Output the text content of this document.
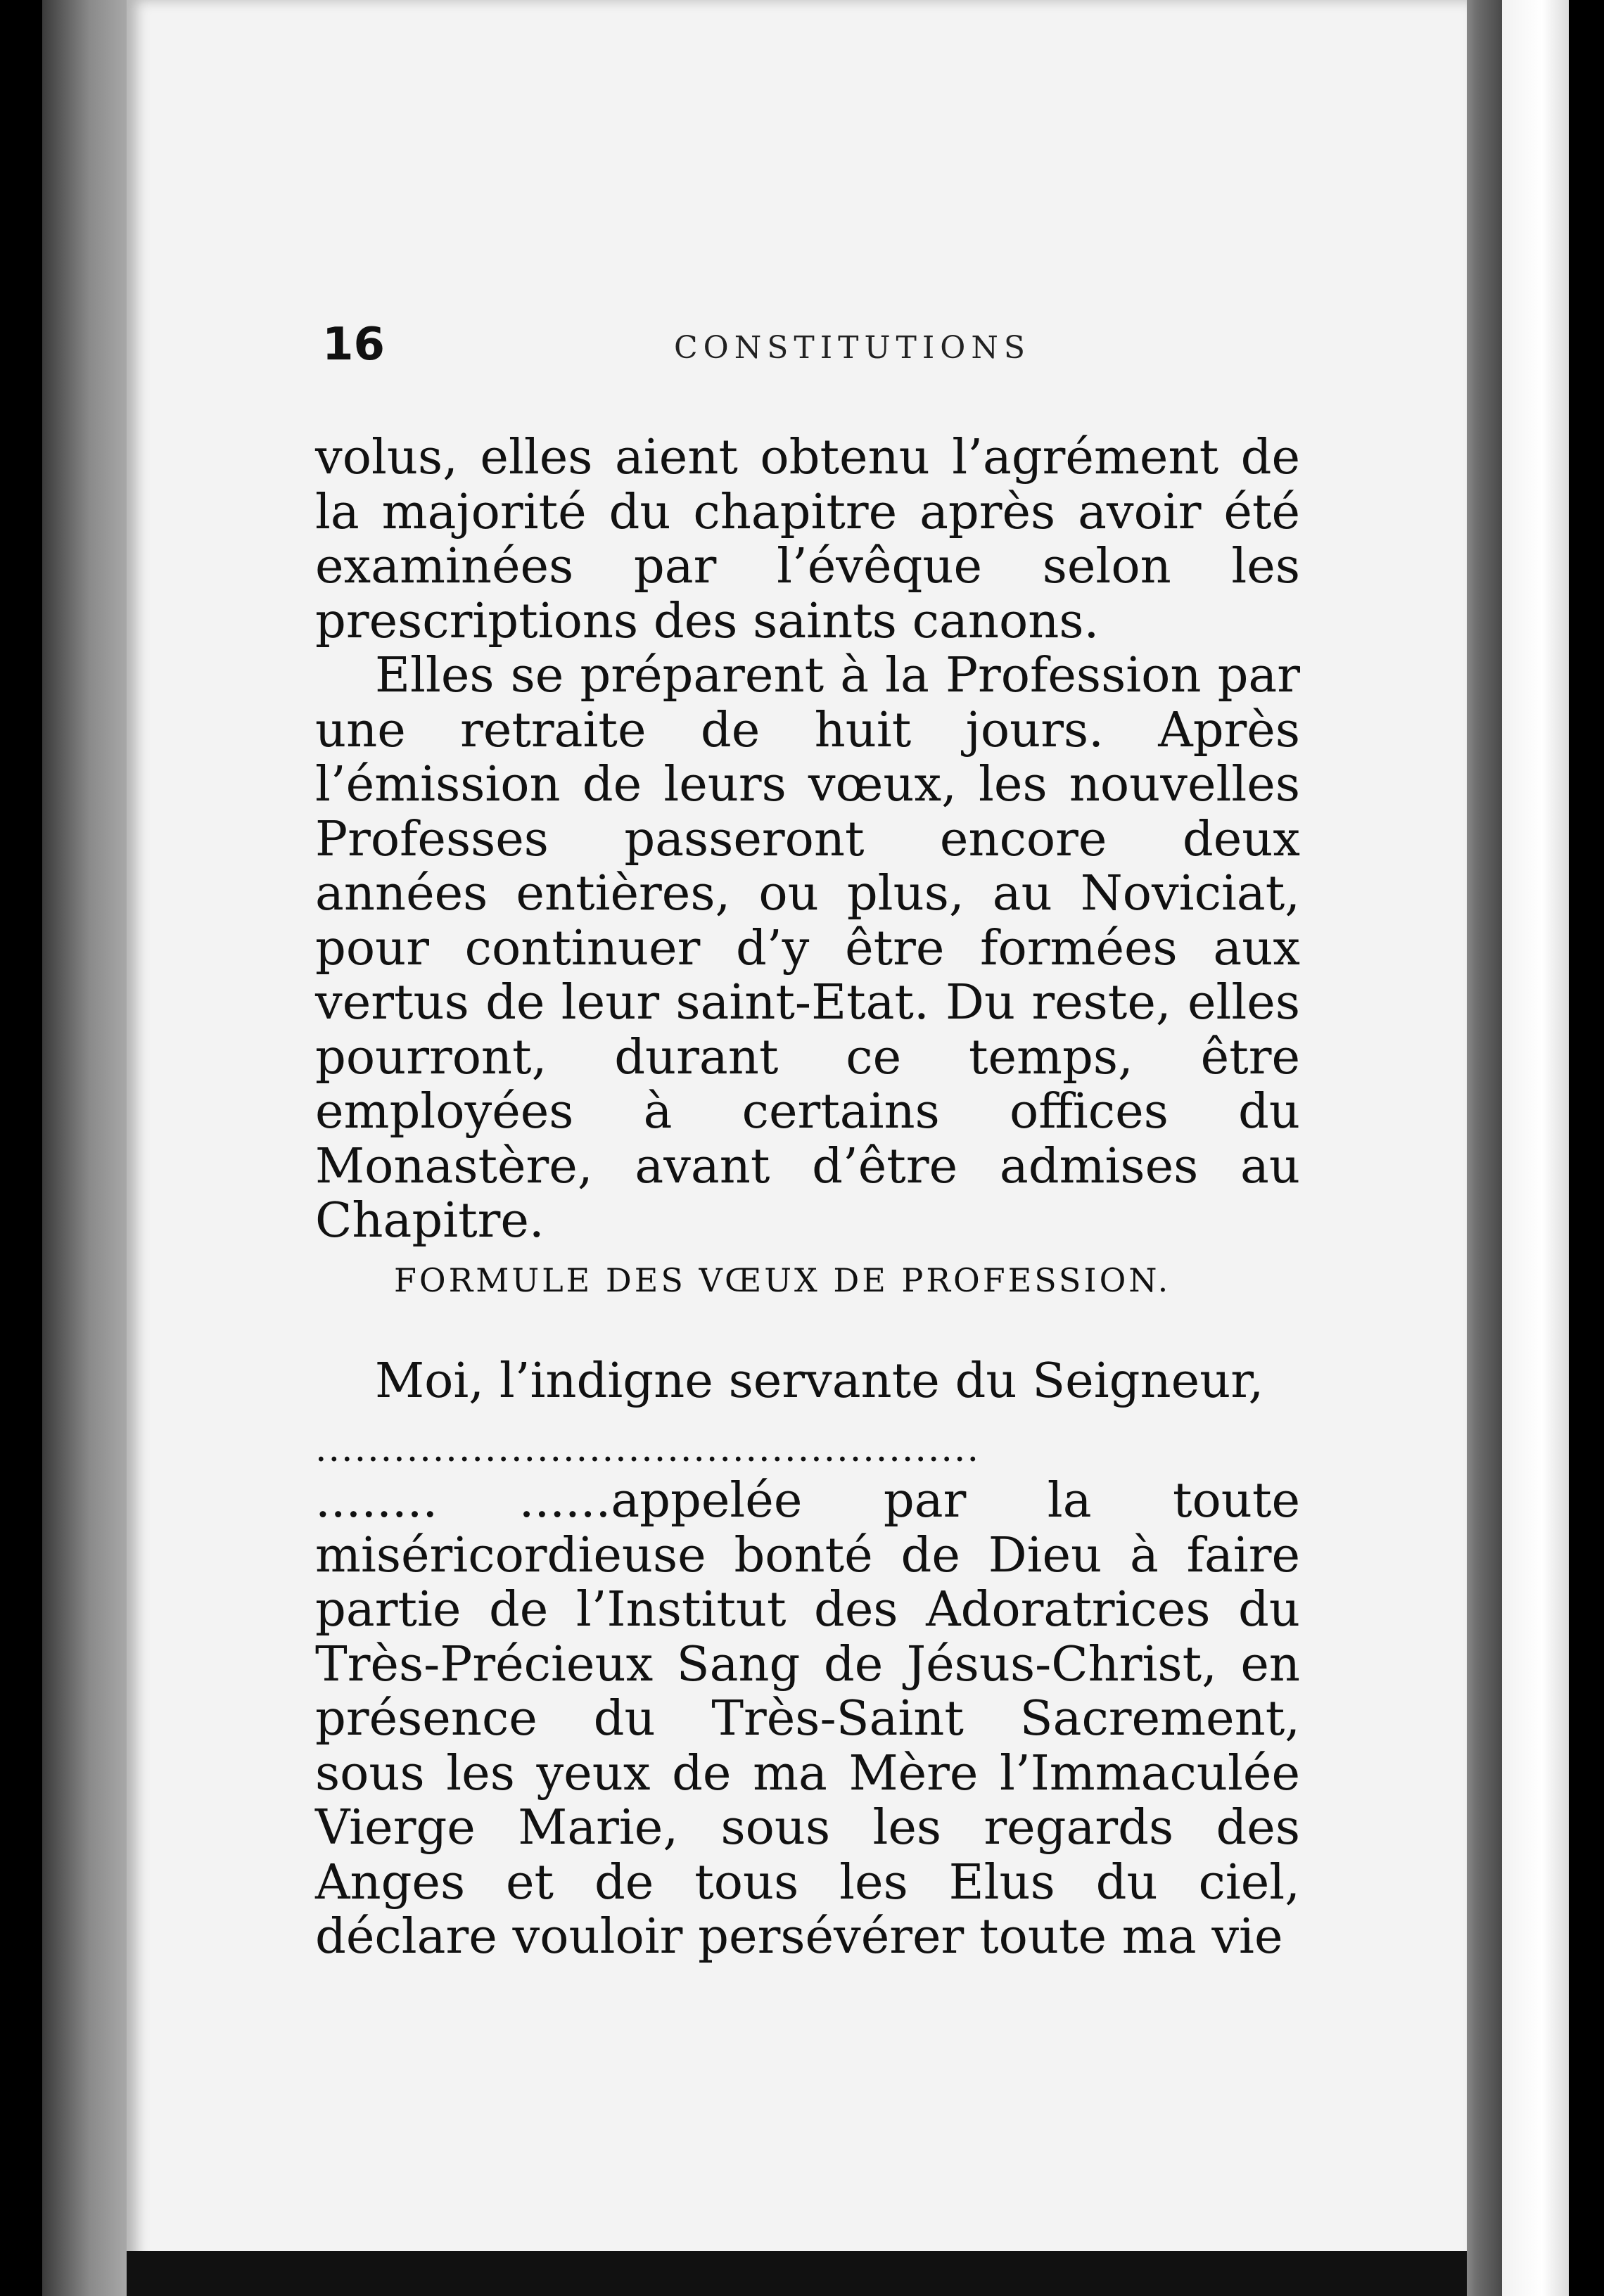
16	CONSTITUTIONS

volus, elles aient obtenu l’agrément de la majorité du chapitre après avoir été examinées par l’évêque selon les prescriptions des saints canons.

Elles se préparent à la Profession par une retraite de huit jours. Après l’émission de leurs vœux, les nouvelles Professes passeront encore deux années entières, ou plus, au Noviciat, pour continuer d’y être formées aux vertus de leur saint-Etat. Du reste, elles pourront, durant ce temps, être employées à certains offices du Monastère, avant d’être admises au Chapitre.

FORMULE DES VŒUX DE PROFESSION.

Moi, l’indigne servante du Seigneur,

...................................................

........ ......appelée par la toute miséricordieuse bonté de Dieu à faire partie de l’Institut des Adoratrices du Très-Précieux Sang de Jésus-Christ, en présence du Très-Saint Sacrement, sous les yeux de ma Mère l’Immaculée Vierge Marie, sous les regards des Anges et de tous les Elus du ciel, déclare vouloir persévérer toute ma vie
